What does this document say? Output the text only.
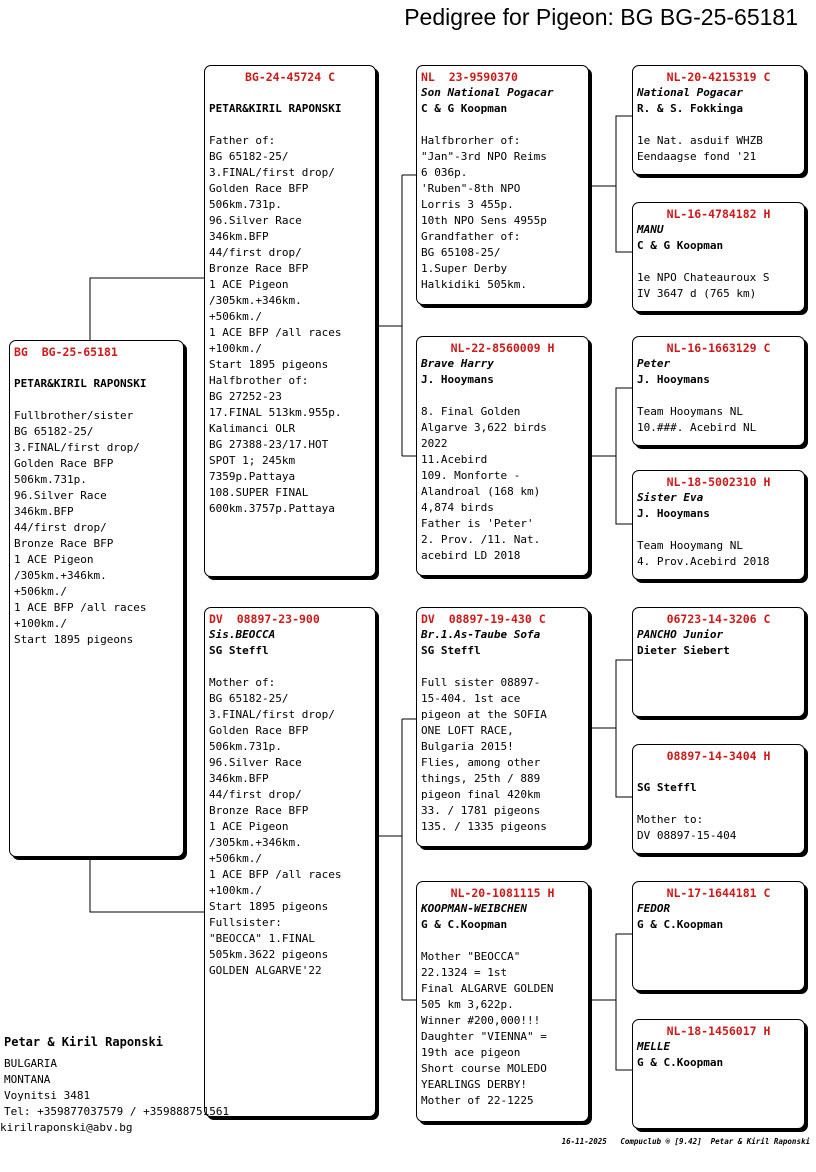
Pedigree for Pigeon: BG BG-25-65181
BG  BG-25-65181
PETAR&KIRIL RAPONSKI
Fullbrother/sister
BG 65182-25/
3.FINAL/first drop/
Golden Race BFP
506km.731p.
96.Silver Race
346km.BFP
44/first drop/
Bronze Race BFP
1 ACE Pigeon
/305km.+346km.
+506km./
1 ACE BFP /all races
+100km./
Start 1895 pigeons
BG-24-45724 C
PETAR&KIRIL RAPONSKI
Father of:
BG 65182-25/
3.FINAL/first drop/
Golden Race BFP
506km.731p.
96.Silver Race
346km.BFP
44/first drop/
Bronze Race BFP
1 ACE Pigeon
/305km.+346km.
+506km./
1 ACE BFP /all races
+100km./
Start 1895 pigeons
Halfbrother of:
BG 27252-23
17.FINAL 513km.955p.
Kalimanci OLR
BG 27388-23/17.HOT
SPOT 1; 245km
7359p.Pattaya
108.SUPER FINAL
600km.3757p.Pattaya
DV  08897-23-900
Sis.BEOCCA
SG Steffl
Mother of:
BG 65182-25/
3.FINAL/first drop/
Golden Race BFP
506km.731p.
96.Silver Race
346km.BFP
44/first drop/
Bronze Race BFP
1 ACE Pigeon
/305km.+346km.
+506km./
1 ACE BFP /all races
+100km./
Start 1895 pigeons
Fullsister:
"BEOCCA" 1.FINAL
505km.3622 pigeons
GOLDEN ALGARVE'22
NL  23-9590370
Son National Pogacar
C & G Koopman
Halfbrorher of:
"Jan"-3rd NPO Reims
6 036p.
'Ruben"-8th NPO
Lorris 3 455p.
10th NPO Sens 4955p
Grandfather of:
BG 65108-25/
1.Super Derby
Halkidiki 505km.
NL-22-8560009 H
Brave Harry
J. Hooymans
8. Final Golden
Algarve 3,622 birds
2022
11.Acebird
109. Monforte -
Alandroal (168 km)
4,874 birds
Father is 'Peter'
2. Prov. /11. Nat.
acebird LD 2018
DV  08897-19-430 C
Br.1.As-Taube Sofa
SG Steffl
Full sister 08897-
15-404. 1st ace
pigeon at the SOFIA
ONE LOFT RACE,
Bulgaria 2015!
Flies, among other
things, 25th / 889
pigeon final 420km
33. / 1781 pigeons
135. / 1335 pigeons
NL-20-1081115 H
KOOPMAN-WEIBCHEN
G & C.Koopman
Mother "BEOCCA"
22.1324 = 1st
Final ALGARVE GOLDEN
505 km 3,622p.
Winner #200,000!!!
Daughter "VIENNA" =
19th ace pigeon
Short course MOLEDO
YEARLINGS DERBY!
Mother of 22-1225
NL-20-4215319 C
National Pogacar
R. & S. Fokkinga
1e Nat. asduif WHZB
Eendaagse fond '21
NL-16-4784182 H
MANU
C & G Koopman
1e NPO Chateauroux S
IV 3647 d (765 km)
NL-16-1663129 C
Peter
J. Hooymans
Team Hooymans NL
10.###. Acebird NL
NL-18-5002310 H
Sister Eva
J. Hooymans
Team Hooymang NL
4. Prov.Acebird 2018
06723-14-3206 C
PANCHO Junior
Dieter Siebert
08897-14-3404 H
SG Steffl
Mother to:
DV 08897-15-404
NL-17-1644181 C
FEDOR
G & C.Koopman
NL-18-1456017 H
MELLE
G & C.Koopman
Petar & Kiril Raponski
BULGARIA
MONTANA
Voynitsi 3481
Tel: +359877037579 / +359888751561
kirilraponski@abv.bg
16-11-2025   Compuclub ® [9.42]  Petar & Kiril Raponski
